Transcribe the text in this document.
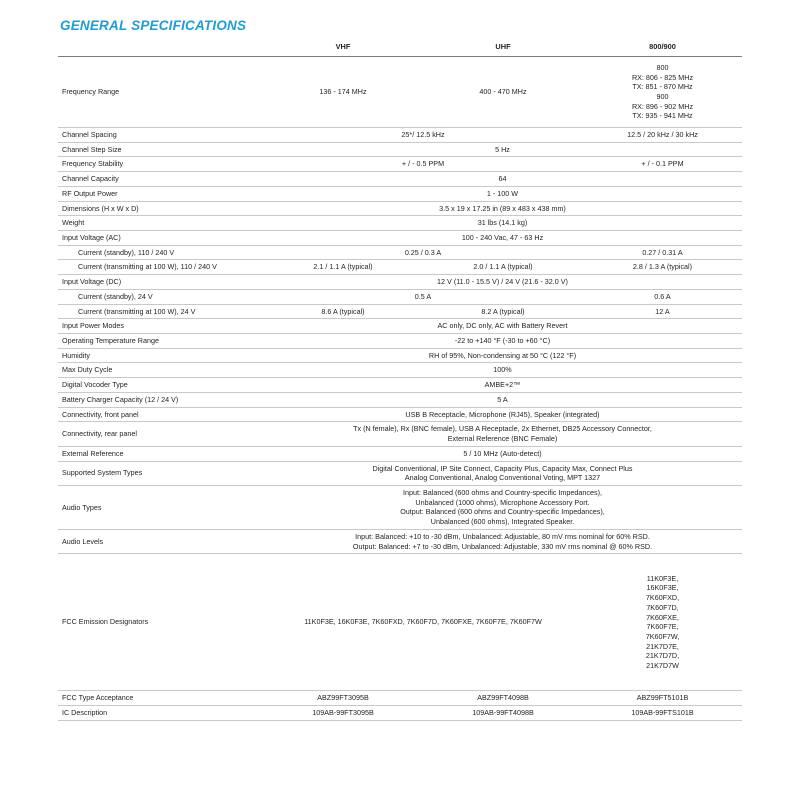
GENERAL SPECIFICATIONS
	VHF	UHF	800/900
Frequency Range	136 - 174 MHz	400 - 470 MHz	800
RX: 806 - 825 MHz
TX: 851 - 870 MHz
900
RX: 896 - 902 MHz
TX: 935 - 941 MHz
Channel Spacing	25*/ 12.5 kHz		12.5 / 20 kHz / 30 kHz
Channel Step Size	5 Hz		
Frequency Stability	+ / - 0.5 PPM		+ / - 0.1 PPM
Channel Capacity	64		
RF Output Power	1 - 100 W		
Dimensions (H x W x D)	3.5 x 19 x 17.25 in (89 x 483 x 438 mm)		
Weight	31 lbs (14.1 kg)		
Input Voltage (AC)	100 - 240 Vac, 47 - 63 Hz		
Current (standby), 110 / 240 V	0.25 / 0.3 A		0.27 / 0.31 A
Current (transmitting at 100 W), 110 / 240 V	2.1 / 1.1 A (typical)	2.0 / 1.1 A (typical)	2.8 / 1.3 A (typical)
Input Voltage (DC)	12 V (11.0 - 15.5 V) / 24 V (21.6 - 32.0 V)		
Current (standby), 24 V	0.5 A		0.6 A
Current (transmitting at 100 W), 24 V	8.6 A (typical)	8.2 A (typical)	12 A
Input Power Modes	AC only, DC only, AC with Battery Revert		
Operating Temperature Range	-22 to +140 °F (-30 to +60 °C)		
Humidity	RH of 95%, Non-condensing at 50 °C (122 °F)		
Max Duty Cycle	100%		
Digital Vocoder Type	AMBE+2™		
Battery Charger Capacity (12 / 24 V)	5 A		
Connectivity, front panel	USB B Receptacle, Microphone (RJ45), Speaker (integrated)		
Connectivity, rear panel	Tx (N female), Rx (BNC female), USB A Receptacle, 2x Ethernet, DB25 Accessory Connector,
External Reference (BNC Female)		
External Reference	5 / 10 MHz (Auto-detect)		
Supported System Types	Digital Conventional, IP Site Connect, Capacity Plus, Capacity Max, Connect Plus
Analog Conventional, Analog Conventional Voting, MPT 1327		
Audio Types	Input: Balanced (600 ohms and Country-specific Impedances),
Unbalanced (1000 ohms), Microphone Accessory Port.
Output: Balanced (600 ohms and Country-specific Impedances),
Unbalanced (600 ohms), Integrated Speaker.		
Audio Levels	Input: Balanced: +10 to -30 dBm, Unbalanced: Adjustable, 80 mV rms nominal for 60% RSD.
Output: Balanced: +7 to -30 dBm, Unbalanced: Adjustable, 330 mV rms nominal @ 60% RSD.		
FCC Emission Designators	11K0F3E, 16K0F3E, 7K60FXD, 7K60F7D, 7K60FXE, 7K60F7E, 7K60F7W	11K0F3E,
16K0F3E,
7K60FXD,
7K60F7D,
7K60FXE,
7K60F7E,
7K60F7W,
21K7D7E,
21K7D7D,
21K7D7W
FCC Type Acceptance	ABZ99FT3095B	ABZ99FT4098B	ABZ99FT5101B
IC Description	109AB-99FT3095B	109AB-99FT4098B	109AB-99FTS101B
